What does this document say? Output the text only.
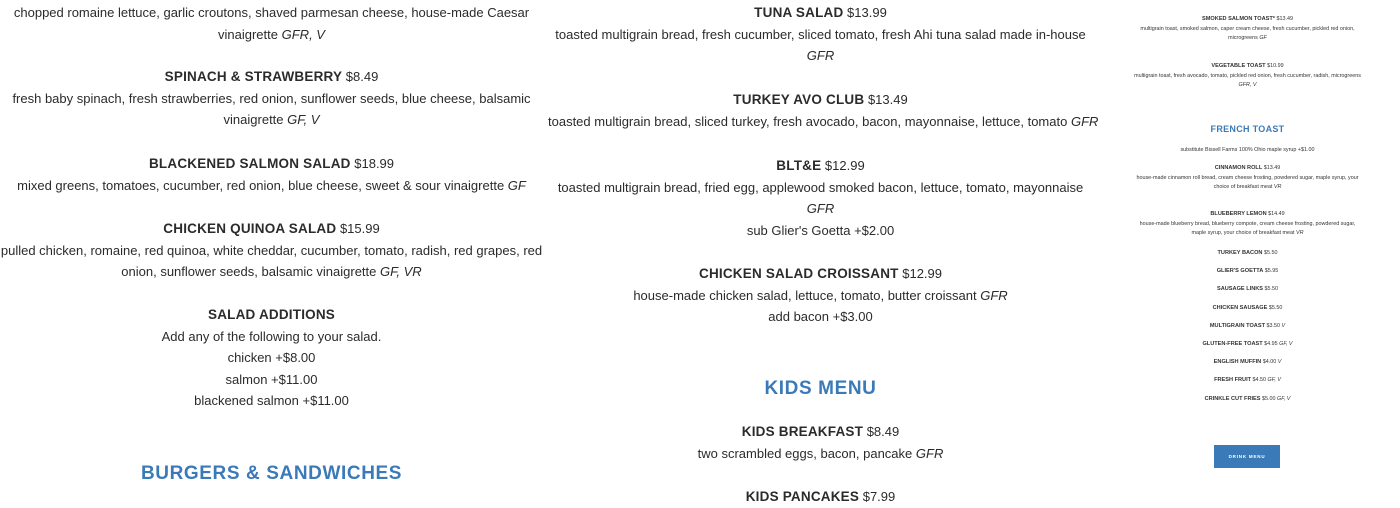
chopped romaine lettuce, garlic croutons, shaved parmesan cheese, house-made Caesar
vinaigrette GFR, V
SPINACH & STRAWBERRY $8.49
fresh baby spinach, fresh strawberries, red onion, sunflower seeds, blue cheese, balsamic
vinaigrette GF, V
BLACKENED SALMON SALAD $18.99
mixed greens, tomatoes, cucumber, red onion, blue cheese, sweet & sour vinaigrette GF
CHICKEN QUINOA SALAD $15.99
pulled chicken, romaine, red quinoa, white cheddar, cucumber, tomato, radish, red grapes, red
onion, sunflower seeds, balsamic vinaigrette GF, VR
SALAD ADDITIONS
Add any of the following to your salad.
chicken +$8.00
salmon +$11.00
blackened salmon +$11.00
BURGERS & SANDWICHES
TUNA SALAD $13.99
toasted multigrain bread, fresh cucumber, sliced tomato, fresh Ahi tuna salad made in-house
GFR
TURKEY AVO CLUB $13.49
toasted multigrain bread, sliced turkey, fresh avocado, bacon, mayonnaise, lettuce, tomato GFR
BLT&E $12.99
toasted multigrain bread, fried egg, applewood smoked bacon, lettuce, tomato, mayonnaise
GFR
sub Glier's Goetta +$2.00
CHICKEN SALAD CROISSANT $12.99
house-made chicken salad, lettuce, tomato, butter croissant GFR
add bacon +$3.00
KIDS MENU
KIDS BREAKFAST $8.49
two scrambled eggs, bacon, pancake GFR
KIDS PANCAKES $7.99
SMOKED SALMON TOAST* $13.49
multigrain toast, smoked salmon, caper cream cheese, fresh cucumber, pickled red onion,
microgreens GF
VEGETABLE TOAST $10.99
multigrain toast, fresh avocado, tomato, pickled red onion, fresh cucumber, radish, microgreens
GFR, V
FRENCH TOAST
substitute Bissell Farms 100% Ohio maple syrup +$1.00
CINNAMON ROLL $13.49
house-made cinnamon roll bread, cream cheese frosting, powdered sugar, maple syrup, your
choice of breakfast meat VR
BLUEBERRY LEMON $14.49
house-made blueberry bread, blueberry compote, cream cheese frosting, powdered sugar,
maple syrup, your choice of breakfast meat VR
TURKEY BACON $5.50
GLIER'S GOETTA $5.95
SAUSAGE LINKS $5.50
CHICKEN SAUSAGE $5.50
MULTIGRAIN TOAST $3.50 V
GLUTEN-FREE TOAST $4.95 GF, V
ENGLISH MUFFIN $4.00 V
FRESH FRUIT $4.50 GF, V
CRINKLE CUT FRIES $5.00 GF, V
DRINK MENU
